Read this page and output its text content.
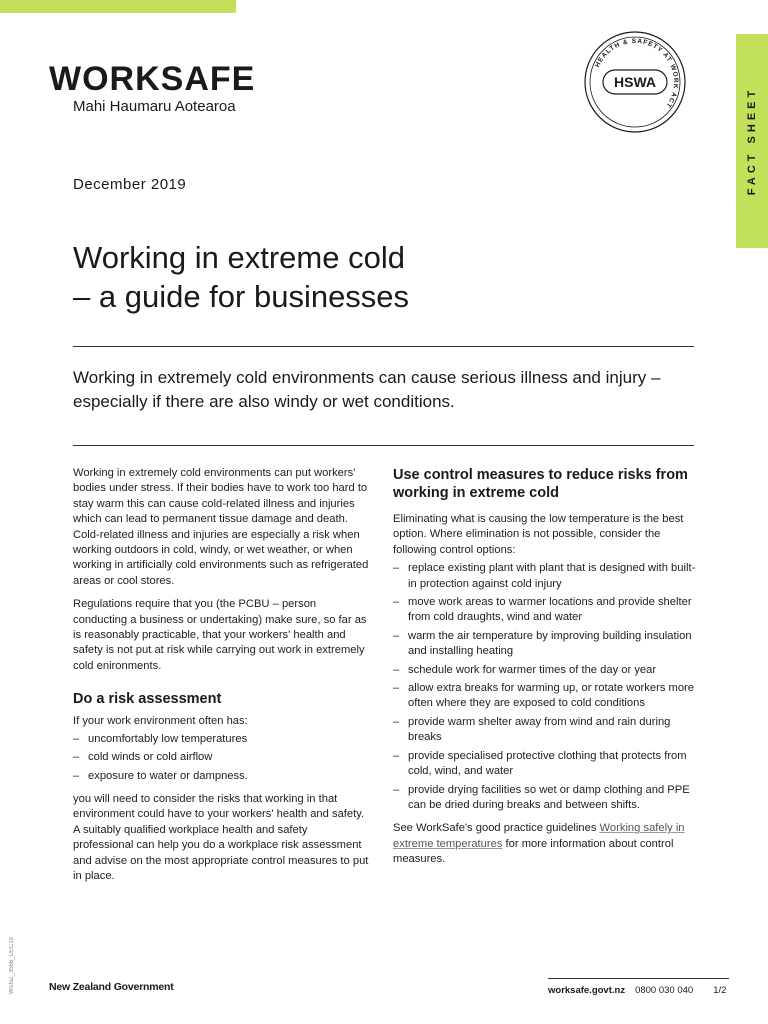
FACT SHEET
WORKSAFE
Mahi Haumaru Aotearoa
HEALTH & SAFETY AT WORK ACT
HSWA
December 2019
Working in extreme cold
– a guide for businesses
Working in extremely cold environments can cause serious illness and injury – especially if there are also windy or wet conditions.

Working in extremely cold environments can put workers' bodies under stress. If their bodies have to work too hard to stay warm this can cause cold-related illness and injuries which can lead to permanent tissue damage and death. Cold-related illness and injuries are especially a risk when working outdoors in cold, windy, or wet weather, or when working in artificially cold environments such as refrigerated areas or cool stores.

Regulations require that you (the PCBU – person conducting a business or undertaking) make sure, so far as is reasonably practicable, that your workers' health and safety is not put at risk while carrying out work in extremely cold enironments.

Do a risk assessment

If your work environment often has:

– uncomfortably low temperatures
– cold winds or cold airflow
– exposure to water or dampness.

you will need to consider the risks that working in that environment could have to your workers' health and safety. A suitably qualified workplace health and safety professional can help you do a workplace risk assessment and advise on the most appropriate control measures to put in place.

Use control measures to reduce risks from working in extreme cold

Eliminating what is causing the low temperature is the best option. Where elimination is not possible, consider the following control options:

– replace existing plant with plant that is designed with built-in protection against cold injury
– move work areas to warmer locations and provide shelter from cold draughts, wind and water
– warm the air temperature by improving building insulation and installing heating
– schedule work for warmer times of the day or year
– allow extra breaks for warming up, or rotate workers more often where they are exposed to cold conditions
– provide warm shelter away from wind and rain during breaks
– provide specialised protective clothing that protects from cold, wind, and water
– provide drying facilities so wet or damp clothing and PPE can be dried during breaks and between shifts.

See WorkSafe's good practice guidelines Working safely in extreme temperatures for more information about control measures.

WSNZ_3566_DEC19	New Zealand Government	worksafe.govt.nz 0800 030 040 1/2
